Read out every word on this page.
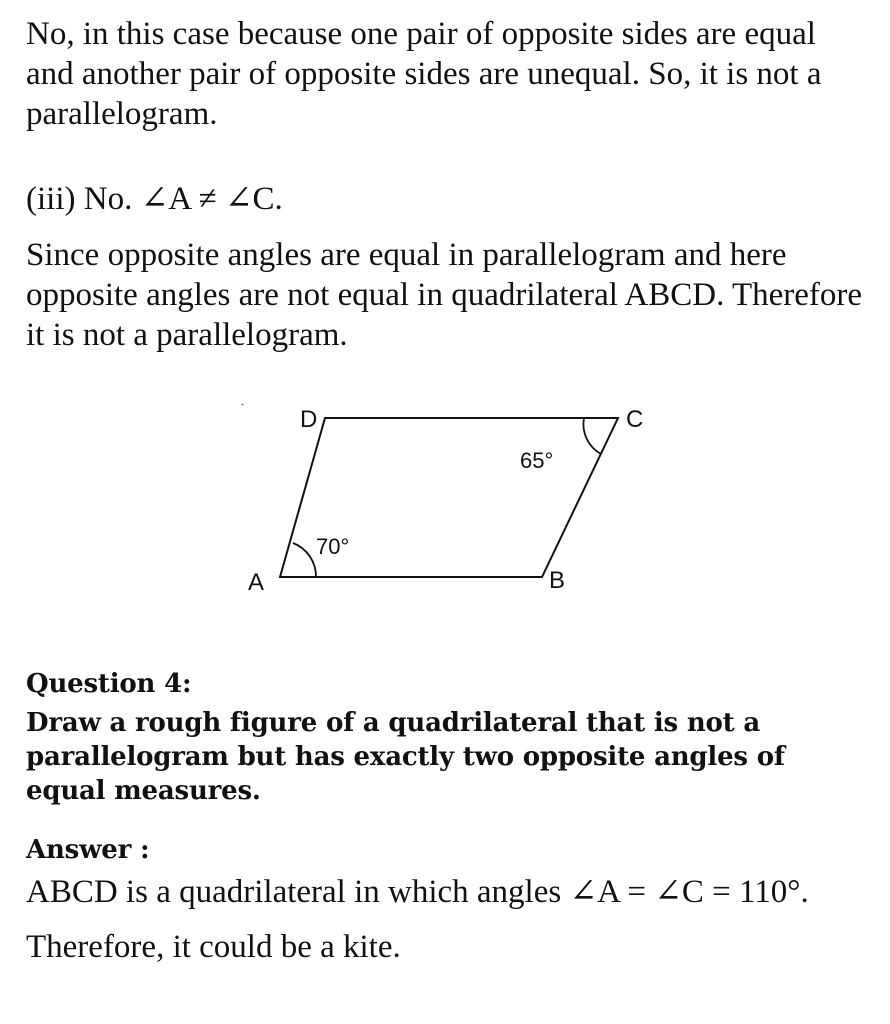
No, in this case because one pair of opposite sides are equal and another pair of opposite sides are unequal. So, it is not a parallelogram.

(iii) No. ∠A ≠ ∠C.

Since opposite angles are equal in parallelogram and here opposite angles are not equal in quadrilateral ABCD. Therefore it is not a parallelogram.

D	C
A	B
65°
70°

Question 4:

Draw a rough figure of a quadrilateral that is not a parallelogram but has exactly two opposite angles of equal measures.

Answer :

ABCD is a quadrilateral in which angles ∠A = ∠C = 110°.

Therefore, it could be a kite.
